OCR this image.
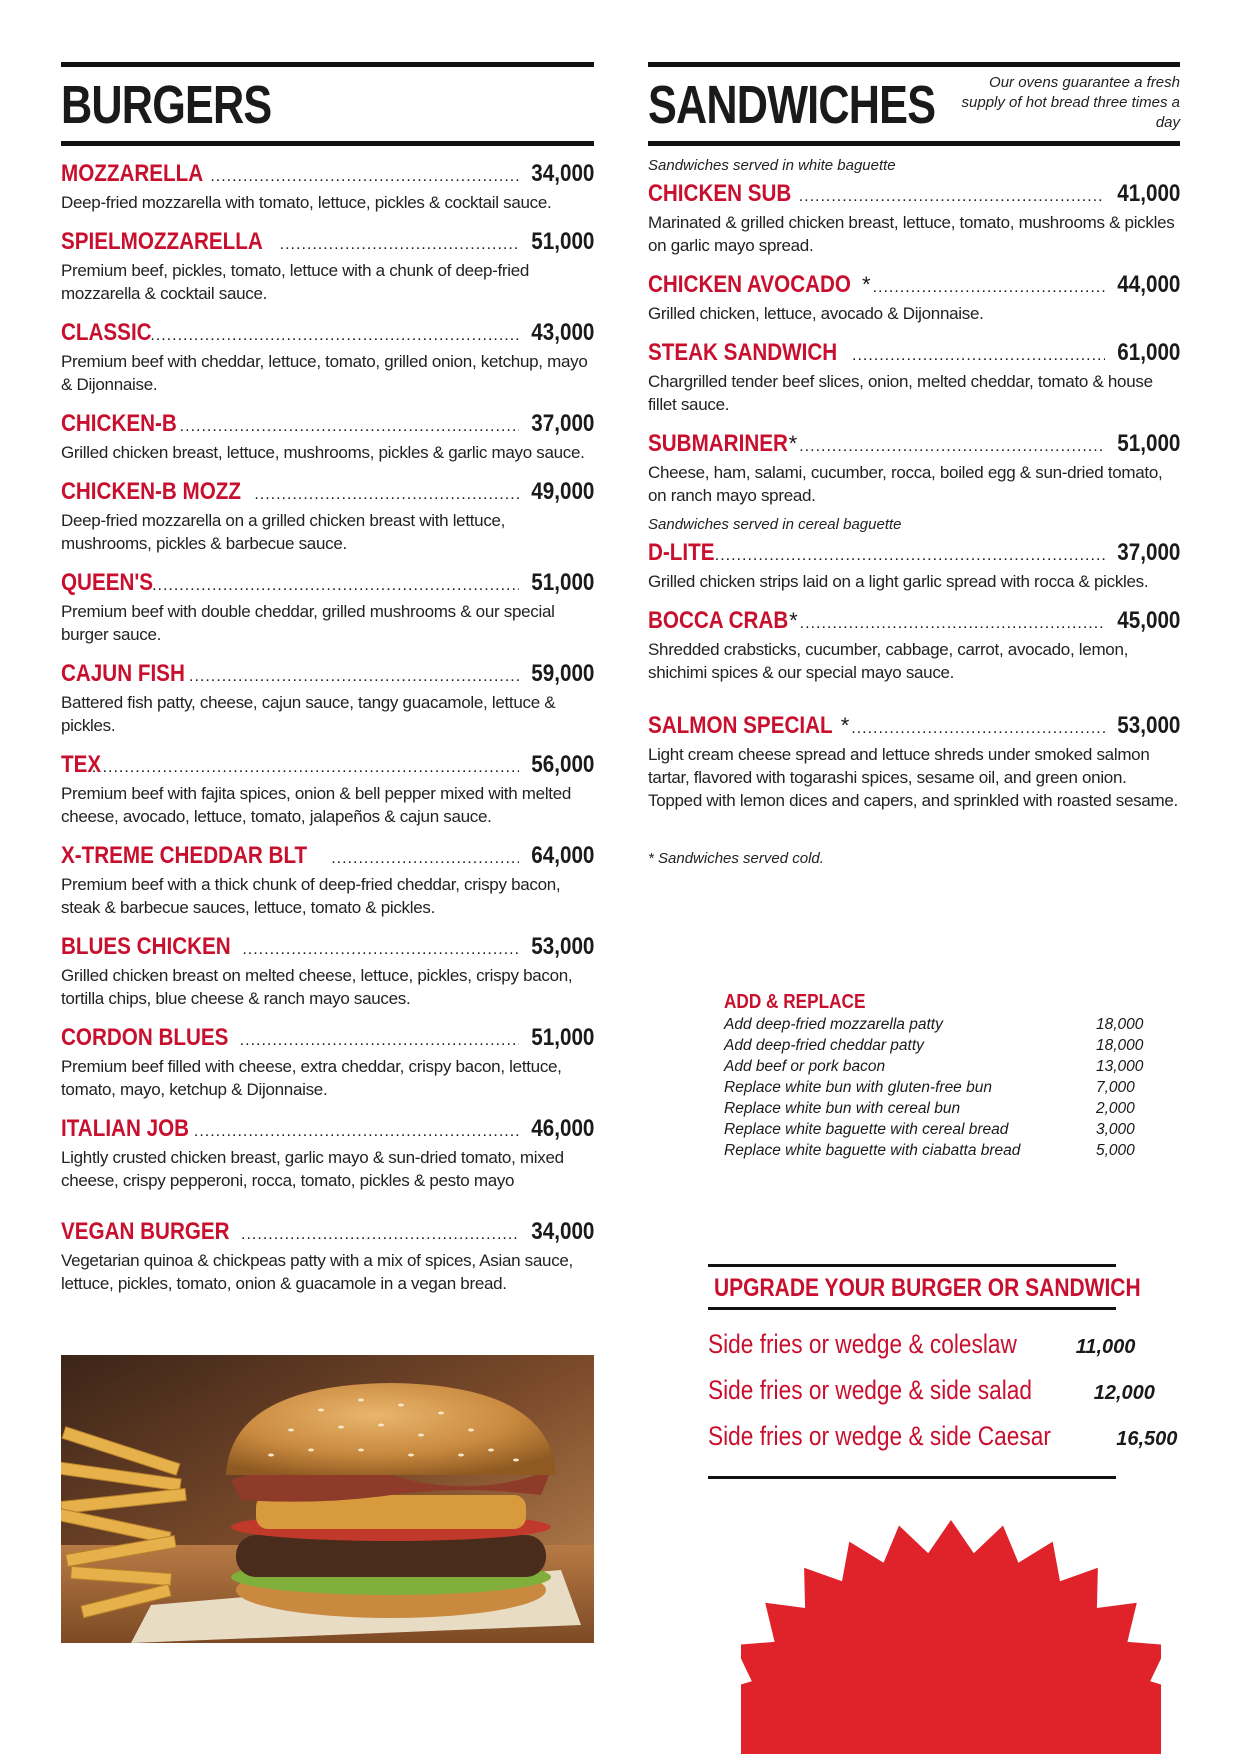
BURGERS
MOZZARELLA .....	34,000

Deep-fried mozzarella with tomato, lettuce, pickles & cocktail sauce.

SPIELMOZZARELLA .....	51,000

Premium beef, pickles, tomato, lettuce with a chunk of deep-fried mozzarella & cocktail sauce.

CLASSIC .....	43,000

Premium beef with cheddar, lettuce, tomato, grilled onion, ketchup, mayo & Dijonnaise.

CHICKEN-B .....	37,000

Grilled chicken breast, lettuce, mushrooms, pickles & garlic mayo sauce.

CHICKEN-B MOZZ .....	49,000

Deep-fried mozzarella on a grilled chicken breast with lettuce, mushrooms, pickles & barbecue sauce.

QUEEN'S .....	51,000

Premium beef with double cheddar, grilled mushrooms & our special burger sauce.

CAJUN FISH .....	59,000

Battered fish patty, cheese, cajun sauce, tangy guacamole, lettuce & pickles.

TEX .....	56,000

Premium beef with fajita spices, onion & bell pepper mixed with melted cheese, avocado, lettuce, tomato, jalapeños & cajun sauce.

X-TREME CHEDDAR BLT .....	64,000

Premium beef with a thick chunk of deep-fried cheddar, crispy bacon, steak & barbecue sauces, lettuce, tomato & pickles.

BLUES CHICKEN .....	53,000

Grilled chicken breast on melted cheese, lettuce, pickles, crispy bacon, tortilla chips, blue cheese & ranch mayo sauces.

CORDON BLUES .....	51,000

Premium beef filled with cheese, extra cheddar, crispy bacon, lettuce, tomato, mayo, ketchup & Dijonnaise.

ITALIAN JOB .....	46,000

Lightly crusted chicken breast, garlic mayo & sun-dried tomato, mixed cheese, crispy pepperoni, rocca, tomato, pickles & pesto mayo

VEGAN BURGER .....	34,000

Vegetarian quinoa & chickpeas patty with a mix of spices, Asian sauce, lettuce, pickles, tomato, onion & guacamole in a vegan bread.

SANDWICHES	Our ovens guarantee a fresh supply of hot bread three times a day
Sandwiches served in white baguette
CHICKEN SUB .....	41,000

Marinated & grilled chicken breast, lettuce, tomato, mushrooms & pickles on garlic mayo spread.

CHICKEN AVOCADO * .....	44,000

Grilled chicken, lettuce, avocado & Dijonnaise.

STEAK SANDWICH .....	61,000

Chargrilled tender beef slices, onion, melted cheddar, tomato & house fillet sauce.

SUBMARINER * .....	51,000

Cheese, ham, salami, cucumber, rocca, boiled egg & sun-dried tomato, on ranch mayo spread.

Sandwiches served in cereal baguette
D-LITE .....	37,000

Grilled chicken strips laid on a light garlic spread with rocca & pickles.

BOCCA CRAB * .....	45,000

Shredded crabsticks, cucumber, cabbage, carrot, avocado, lemon, shichimi spices & our special mayo sauce.

SALMON SPECIAL * .....	53,000

Light cream cheese spread and lettuce shreds under smoked salmon tartar, flavored with togarashi spices, sesame oil, and green onion. Topped with lemon dices and capers, and sprinkled with roasted sesame.

* Sandwiches served cold.
ADD & REPLACE
Add deep-fried mozzarella patty	18,000
Add deep-fried cheddar patty	18,000
Add beef or pork bacon	13,000
Replace white bun with gluten-free bun	7,000
Replace white bun with cereal bun	2,000
Replace white baguette with cereal bread	3,000
Replace white baguette with ciabatta bread	5,000
UPGRADE YOUR BURGER OR SANDWICH
Side fries or wedge & coleslaw	11,000
Side fries or wedge & side salad	12,000
Side fries or wedge & side Caesar	16,500
